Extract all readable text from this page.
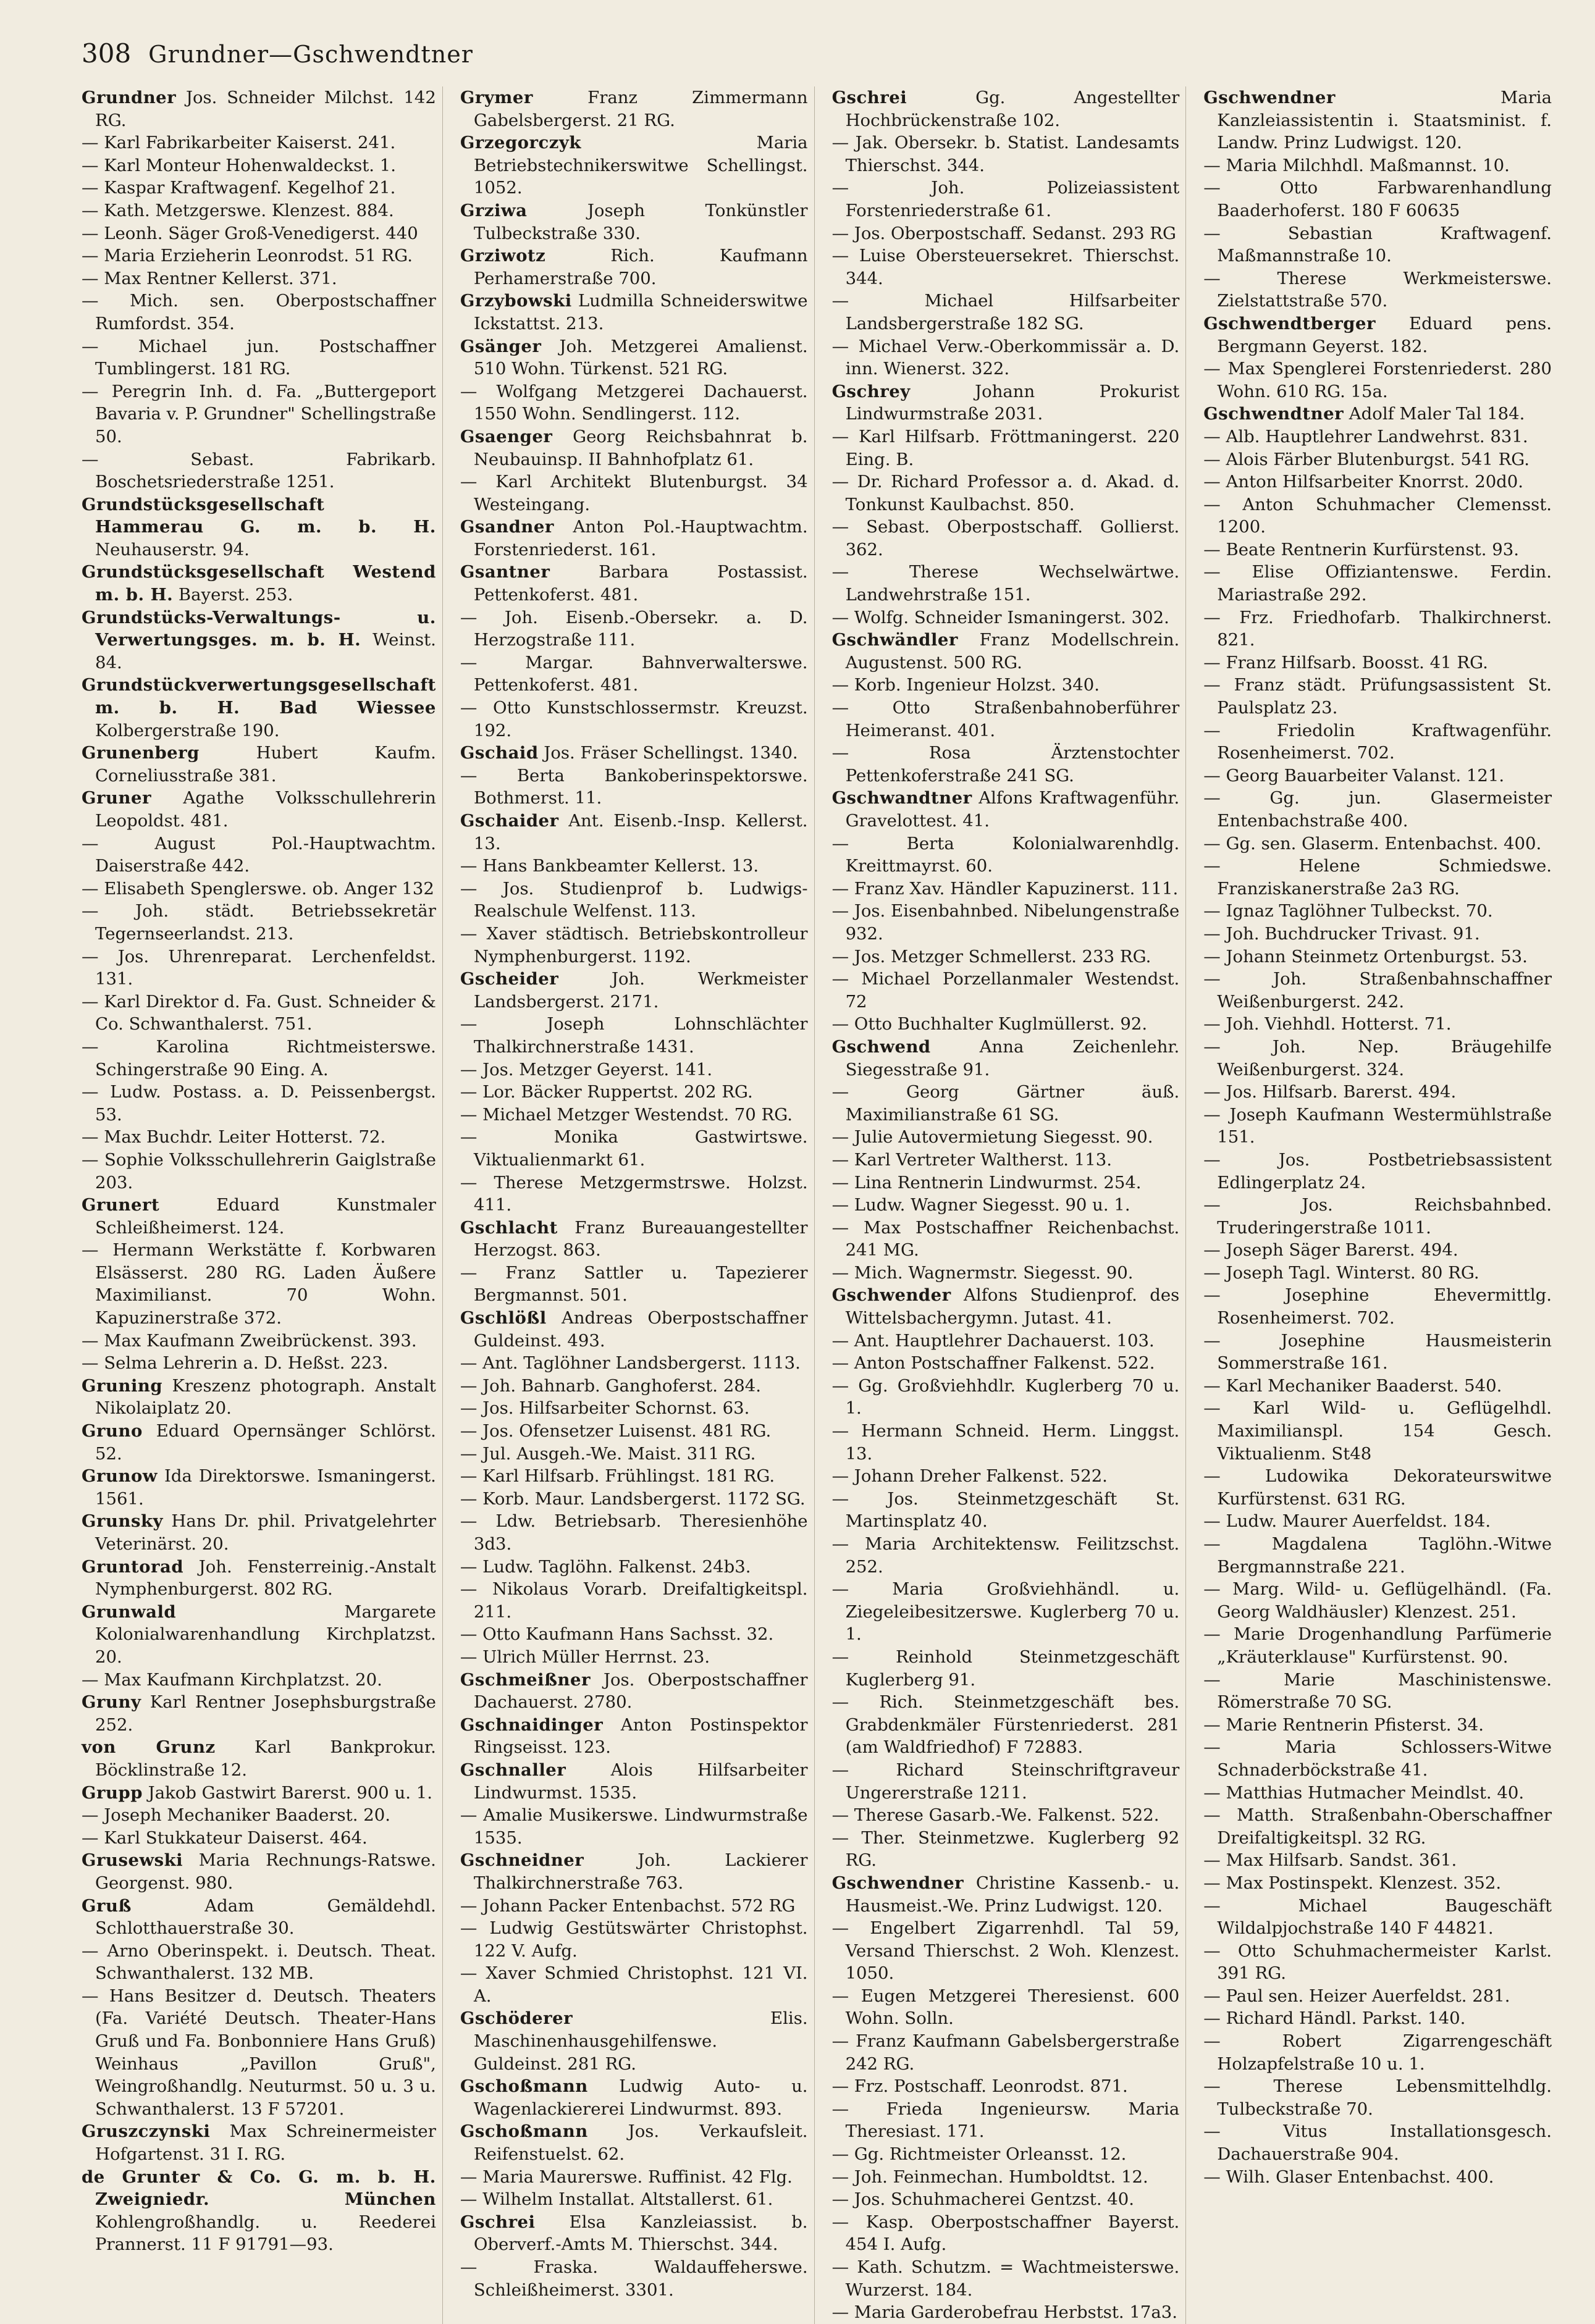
308 Grundner—Gschwendtner

Grundner Jos. Schneider Milchst. 142 RG.

— Karl Fabrikarbeiter Kaiserst. 241.

— Karl Monteur Hohenwaldeckst. 1.

— Kaspar Kraftwagenf. Kegelhof 21.

— Kath. Metzgerswe. Klenzest. 884.

— Leonh. Säger Groß-Venedigerst. 440

— Maria Erzieherin Leonrodst. 51 RG.

— Max Rentner Kellerst. 371.

— Mich. sen. Oberpostschaffner Rumfordst. 354.

— Michael jun. Postschaffner Tumblingerst. 181 RG.

— Peregrin Inh. d. Fa. „Buttergeport Bavaria v. P. Grundner" Schellingstraße 50.

— Sebast. Fabrikarb. Boschetsriederstraße 1251.

Grundstücksgesellschaft Hammerau G. m. b. H. Neuhauserstr. 94.

Grundstücksgesellschaft Westend m. b. H. Bayerst. 253.

Grundstücks-Verwaltungs- u. Verwertungsges. m. b. H. Weinst. 84.

Grundstückverwertungsgesellschaft m. b. H. Bad Wiessee Kolbergerstraße 190.

Grunenberg Hubert Kaufm. Corneliusstraße 381.

Gruner Agathe Volksschullehrerin Leopoldst. 481.

— August Pol.-Hauptwachtm. Daiserstraße 442.

— Elisabeth Spenglerswe. ob. Anger 132

— Joh. städt. Betriebssekretär Tegernseerlandst. 213.

— Jos. Uhrenreparat. Lerchenfeldst. 131.

— Karl Direktor d. Fa. Gust. Schneider & Co. Schwanthalerst. 751.

— Karolina Richtmeisterswe. Schingerstraße 90 Eing. A.

— Ludw. Postass. a. D. Peissenbergst. 53.

— Max Buchdr. Leiter Hotterst. 72.

— Sophie Volksschullehrerin Gaiglstraße 203.

Grunert Eduard Kunstmaler Schleißheimerst. 124.

— Hermann Werkstätte f. Korbwaren Elsässerst. 280 RG. Laden Äußere Maximilianst. 70 Wohn. Kapuzinerstraße 372.

— Max Kaufmann Zweibrückenst. 393.

— Selma Lehrerin a. D. Heßst. 223.

Gruning Kreszenz photograph. Anstalt Nikolaiplatz 20.

Gruno Eduard Opernsänger Schlörst. 52.

Grunow Ida Direktorswe. Ismaningerst. 1561.

Grunsky Hans Dr. phil. Privatgelehrter Veterinärst. 20.

Gruntorad Joh. Fensterreinig.-Anstalt Nymphenburgerst. 802 RG.

Grunwald Margarete Kolonialwarenhandlung Kirchplatzst. 20.

— Max Kaufmann Kirchplatzst. 20.

Gruny Karl Rentner Josephsburgstraße 252.

von Grunz Karl Bankprokur. Böcklinstraße 12.

Grupp Jakob Gastwirt Barerst. 900 u. 1.

— Joseph Mechaniker Baaderst. 20.

— Karl Stukkateur Daiserst. 464.

Grusewski Maria Rechnungs-Ratswe. Georgenst. 980.

Gruß Adam Gemäldehdl. Schlotthauerstraße 30.

— Arno Oberinspekt. i. Deutsch. Theat. Schwanthalerst. 132 MB.

— Hans Besitzer d. Deutsch. Theaters (Fa. Variété Deutsch. Theater-Hans Gruß und Fa. Bonbonniere Hans Gruß) Weinhaus „Pavillon Gruß", Weingroßhandlg. Neuturmst. 50 u. 3 u. Schwanthalerst. 13 F 57201.

Gruszczynski Max Schreinermeister Hofgartenst. 31 I. RG.

de Grunter & Co. G. m. b. H. Zweigniedr. München Kohlengroßhandlg. u. Reederei Prannerst. 11 F 91791—93.

Grymer Franz Zimmermann Gabelsbergerst. 21 RG.

Grzegorczyk Maria Betriebstechnikerswitwe Schellingst. 1052.

Grziwa Joseph Tonkünstler Tulbeckstraße 330.

Grziwotz Rich. Kaufmann Perhamerstraße 700.

Grzybowski Ludmilla Schneiderswitwe Ickstattst. 213.

Gsänger Joh. Metzgerei Amalienst. 510 Wohn. Türkenst. 521 RG.

— Wolfgang Metzgerei Dachauerst. 1550 Wohn. Sendlingerst. 112.

Gsaenger Georg Reichsbahnrat b. Neubauinsp. II Bahnhofplatz 61.

— Karl Architekt Blutenburgst. 34 Westeingang.

Gsandner Anton Pol.-Hauptwachtm. Forstenriederst. 161.

Gsantner Barbara Postassist. Pettenkoferst. 481.

— Joh. Eisenb.-Obersekr. a. D. Herzogstraße 111.

— Margar. Bahnverwalterswe. Pettenkoferst. 481.

— Otto Kunstschlossermstr. Kreuzst. 192.

Gschaid Jos. Fräser Schellingst. 1340.

— Berta Bankoberinspektorswe. Bothmerst. 11.

Gschaider Ant. Eisenb.-Insp. Kellerst. 13.

— Hans Bankbeamter Kellerst. 13.

— Jos. Studienprof b. Ludwigs-Realschule Welfenst. 113.

— Xaver städtisch. Betriebskontrolleur Nymphenburgerst. 1192.

Gscheider Joh. Werkmeister Landsbergerst. 2171.

— Joseph Lohnschlächter Thalkirchnerstraße 1431.

— Jos. Metzger Geyerst. 141.

— Lor. Bäcker Ruppertst. 202 RG.

— Michael Metzger Westendst. 70 RG.

— Monika Gastwirtswe. Viktualienmarkt 61.

— Therese Metzgermstrswe. Holzst. 411.

Gschlacht Franz Bureauangestellter Herzogst. 863.

— Franz Sattler u. Tapezierer Bergmannst. 501.

Gschlößl Andreas Oberpostschaffner Guldeinst. 493.

— Ant. Taglöhner Landsbergerst. 1113.

— Joh. Bahnarb. Ganghoferst. 284.

— Jos. Hilfsarbeiter Schornst. 63.

— Jos. Ofensetzer Luisenst. 481 RG.

— Jul. Ausgeh.-We. Maist. 311 RG.

— Karl Hilfsarb. Frühlingst. 181 RG.

— Korb. Maur. Landsbergerst. 1172 SG.

— Ldw. Betriebsarb. Theresienhöhe 3d3.

— Ludw. Taglöhn. Falkenst. 24b3.

— Nikolaus Vorarb. Dreifaltigkeitspl. 211.

— Otto Kaufmann Hans Sachsst. 32.

— Ulrich Müller Herrnst. 23.

Gschmeißner Jos. Oberpostschaffner Dachauerst. 2780.

Gschnaidinger Anton Postinspektor Ringseisst. 123.

Gschnaller Alois Hilfsarbeiter Lindwurmst. 1535.

— Amalie Musikerswe. Lindwurmstraße 1535.

Gschneidner Joh. Lackierer Thalkirchnerstraße 763.

— Johann Packer Entenbachst. 572 RG

— Ludwig Gestütswärter Christophst. 122 V. Aufg.

— Xaver Schmied Christophst. 121 VI. A.

Gschöderer Elis. Maschinenhausgehilfenswe. Guldeinst. 281 RG.

Gschoßmann Ludwig Auto- u. Wagenlackiererei Lindwurmst. 893.

Gschoßmann Jos. Verkaufsleit. Reifenstuelst. 62.

— Maria Maurerswe. Ruffinist. 42 Flg.

— Wilhelm Installat. Altstallerst. 61.

Gschrei Elsa Kanzleiassist. b. Oberverf.-Amts M. Thierschst. 344.

— Fraska. Waldauffeherswe. Schleißheimerst. 3301.

Gschrei Gg. Angestellter Hochbrückenstraße 102.

— Jak. Obersekr. b. Statist. Landesamts Thierschst. 344.

— Joh. Polizeiassistent Forstenriederstraße 61.

— Jos. Oberpostschaff. Sedanst. 293 RG

— Luise Obersteuersekret. Thierschst. 344.

— Michael Hilfsarbeiter Landsbergerstraße 182 SG.

— Michael Verw.-Oberkommissär a. D. inn. Wienerst. 322.

Gschrey Johann Prokurist Lindwurmstraße 2031.

— Karl Hilfsarb. Fröttmaningerst. 220 Eing. B.

— Dr. Richard Professor a. d. Akad. d. Tonkunst Kaulbachst. 850.

— Sebast. Oberpostschaff. Gollierst. 362.

— Therese Wechselwärtwe. Landwehrstraße 151.

— Wolfg. Schneider Ismaningerst. 302.

Gschwändler Franz Modellschrein. Augustenst. 500 RG.

— Korb. Ingenieur Holzst. 340.

— Otto Straßenbahnoberführer Heimeranst. 401.

— Rosa Ärztenstochter Pettenkoferstraße 241 SG.

Gschwandtner Alfons Kraftwagenführ. Gravelottest. 41.

— Berta Kolonialwarenhdlg. Kreittmayrst. 60.

— Franz Xav. Händler Kapuzinerst. 111.

— Jos. Eisenbahnbed. Nibelungenstraße 932.

— Jos. Metzger Schmellerst. 233 RG.

— Michael Porzellanmaler Westendst. 72

— Otto Buchhalter Kuglmüllerst. 92.

Gschwend Anna Zeichenlehr. Siegesstraße 91.

— Georg Gärtner äuß. Maximilianstraße 61 SG.

— Julie Autovermietung Siegesst. 90.

— Karl Vertreter Waltherst. 113.

— Lina Rentnerin Lindwurmst. 254.

— Ludw. Wagner Siegesst. 90 u. 1.

— Max Postschaffner Reichenbachst. 241 MG.

— Mich. Wagnermstr. Siegesst. 90.

Gschwender Alfons Studienprof. des Wittelsbachergymn. Jutast. 41.

— Ant. Hauptlehrer Dachauerst. 103.

— Anton Postschaffner Falkenst. 522.

— Gg. Großviehhdlr. Kuglerberg 70 u. 1.

— Hermann Schneid. Herm. Linggst. 13.

— Johann Dreher Falkenst. 522.

— Jos. Steinmetzgeschäft St. Martinsplatz 40.

— Maria Architektensw. Feilitzschst. 252.

— Maria Großviehhändl. u. Ziegeleibesitzerswe. Kuglerberg 70 u. 1.

— Reinhold Steinmetzgeschäft Kuglerberg 91.

— Rich. Steinmetzgeschäft bes. Grabdenkmäler Fürstenriederst. 281 (am Waldfriedhof) F 72883.

— Richard Steinschriftgraveur Ungererstraße 1211.

— Therese Gasarb.-We. Falkenst. 522.

— Ther. Steinmetzwe. Kuglerberg 92 RG.

Gschwendner Christine Kassenb.- u. Hausmeist.-We. Prinz Ludwigst. 120.

— Engelbert Zigarrenhdl. Tal 59, Versand Thierschst. 2 Woh. Klenzest. 1050.

— Eugen Metzgerei Theresienst. 600 Wohn. Solln.

— Franz Kaufmann Gabelsbergerstraße 242 RG.

— Frz. Postschaff. Leonrodst. 871.

— Frieda Ingenieursw. Maria Theresiast. 171.

— Gg. Richtmeister Orleansst. 12.

— Joh. Feinmechan. Humboldtst. 12.

— Jos. Schuhmacherei Gentzst. 40.

— Kasp. Oberpostschaffner Bayerst. 454 I. Aufg.

— Kath. Schutzm. = Wachtmeisterswe. Wurzerst. 184.

— Maria Garderobefrau Herbstst. 17a3.

Gschwendner Maria Kanzleiassistentin i. Staatsminist. f. Landw. Prinz Ludwigst. 120.

— Maria Milchhdl. Maßmannst. 10.

— Otto Farbwarenhandlung Baaderhoferst. 180 F 60635

— Sebastian Kraftwagenf. Maßmannstraße 10.

— Therese Werkmeisterswe. Zielstattstraße 570.

Gschwendtberger Eduard pens. Bergmann Geyerst. 182.

— Max Spenglerei Forstenriederst. 280 Wohn. 610 RG. 15a.

Gschwendtner Adolf Maler Tal 184.

— Alb. Hauptlehrer Landwehrst. 831.

— Alois Färber Blutenburgst. 541 RG.

— Anton Hilfsarbeiter Knorrst. 20d0.

— Anton Schuhmacher Clemensst. 1200.

— Beate Rentnerin Kurfürstenst. 93.

— Elise Offiziantenswe. Ferdin. Mariastraße 292.

— Frz. Friedhofarb. Thalkirchnerst. 821.

— Franz Hilfsarb. Boosst. 41 RG.

— Franz städt. Prüfungsassistent St. Paulsplatz 23.

— Friedolin Kraftwagenführ. Rosenheimerst. 702.

— Georg Bauarbeiter Valanst. 121.

— Gg. jun. Glasermeister Entenbachstraße 400.

— Gg. sen. Glaserm. Entenbachst. 400.

— Helene Schmiedswe. Franziskanerstraße 2a3 RG.

— Ignaz Taglöhner Tulbeckst. 70.

— Joh. Buchdrucker Trivast. 91.

— Johann Steinmetz Ortenburgst. 53.

— Joh. Straßenbahnschaffner Weißenburgerst. 242.

— Joh. Viehhdl. Hotterst. 71.

— Joh. Nep. Bräugehilfe Weißenburgerst. 324.

— Jos. Hilfsarb. Barerst. 494.

— Joseph Kaufmann Westermühlstraße 151.

— Jos. Postbetriebsassistent Edlingerplatz 24.

— Jos. Reichsbahnbed. Truderingerstraße 1011.

— Joseph Säger Barerst. 494.

— Joseph Tagl. Winterst. 80 RG.

— Josephine Ehevermittlg. Rosenheimerst. 702.

— Josephine Hausmeisterin Sommerstraße 161.

— Karl Mechaniker Baaderst. 540.

— Karl Wild- u. Geflügelhdl. Maximilianspl. 154 Gesch. Viktualienm. St48

— Ludowika Dekorateurswitwe Kurfürstenst. 631 RG.

— Ludw. Maurer Auerfeldst. 184.

— Magdalena Taglöhn.-Witwe Bergmannstraße 221.

— Marg. Wild- u. Geflügelhändl. (Fa. Georg Waldhäusler) Klenzest. 251.

— Marie Drogenhandlung Parfümerie „Kräuterklause" Kurfürstenst. 90.

— Marie Maschinistenswe. Römerstraße 70 SG.

— Marie Rentnerin Pfisterst. 34.

— Maria Schlossers-Witwe Schnaderböckstraße 41.

— Matthias Hutmacher Meindlst. 40.

— Matth. Straßenbahn-Oberschaffner Dreifaltigkeitspl. 32 RG.

— Max Hilfsarb. Sandst. 361.

— Max Postinspekt. Klenzest. 352.

— Michael Baugeschäft Wildalpjochstraße 140 F 44821.

— Otto Schuhmachermeister Karlst. 391 RG.

— Paul sen. Heizer Auerfeldst. 281.

— Richard Händl. Parkst. 140.

— Robert Zigarrengeschäft Holzapfelstraße 10 u. 1.

— Therese Lebensmittelhdlg. Tulbeckstraße 70.

— Vitus Installationsgesch. Dachauerstraße 904.

— Wilh. Glaser Entenbachst. 400.
